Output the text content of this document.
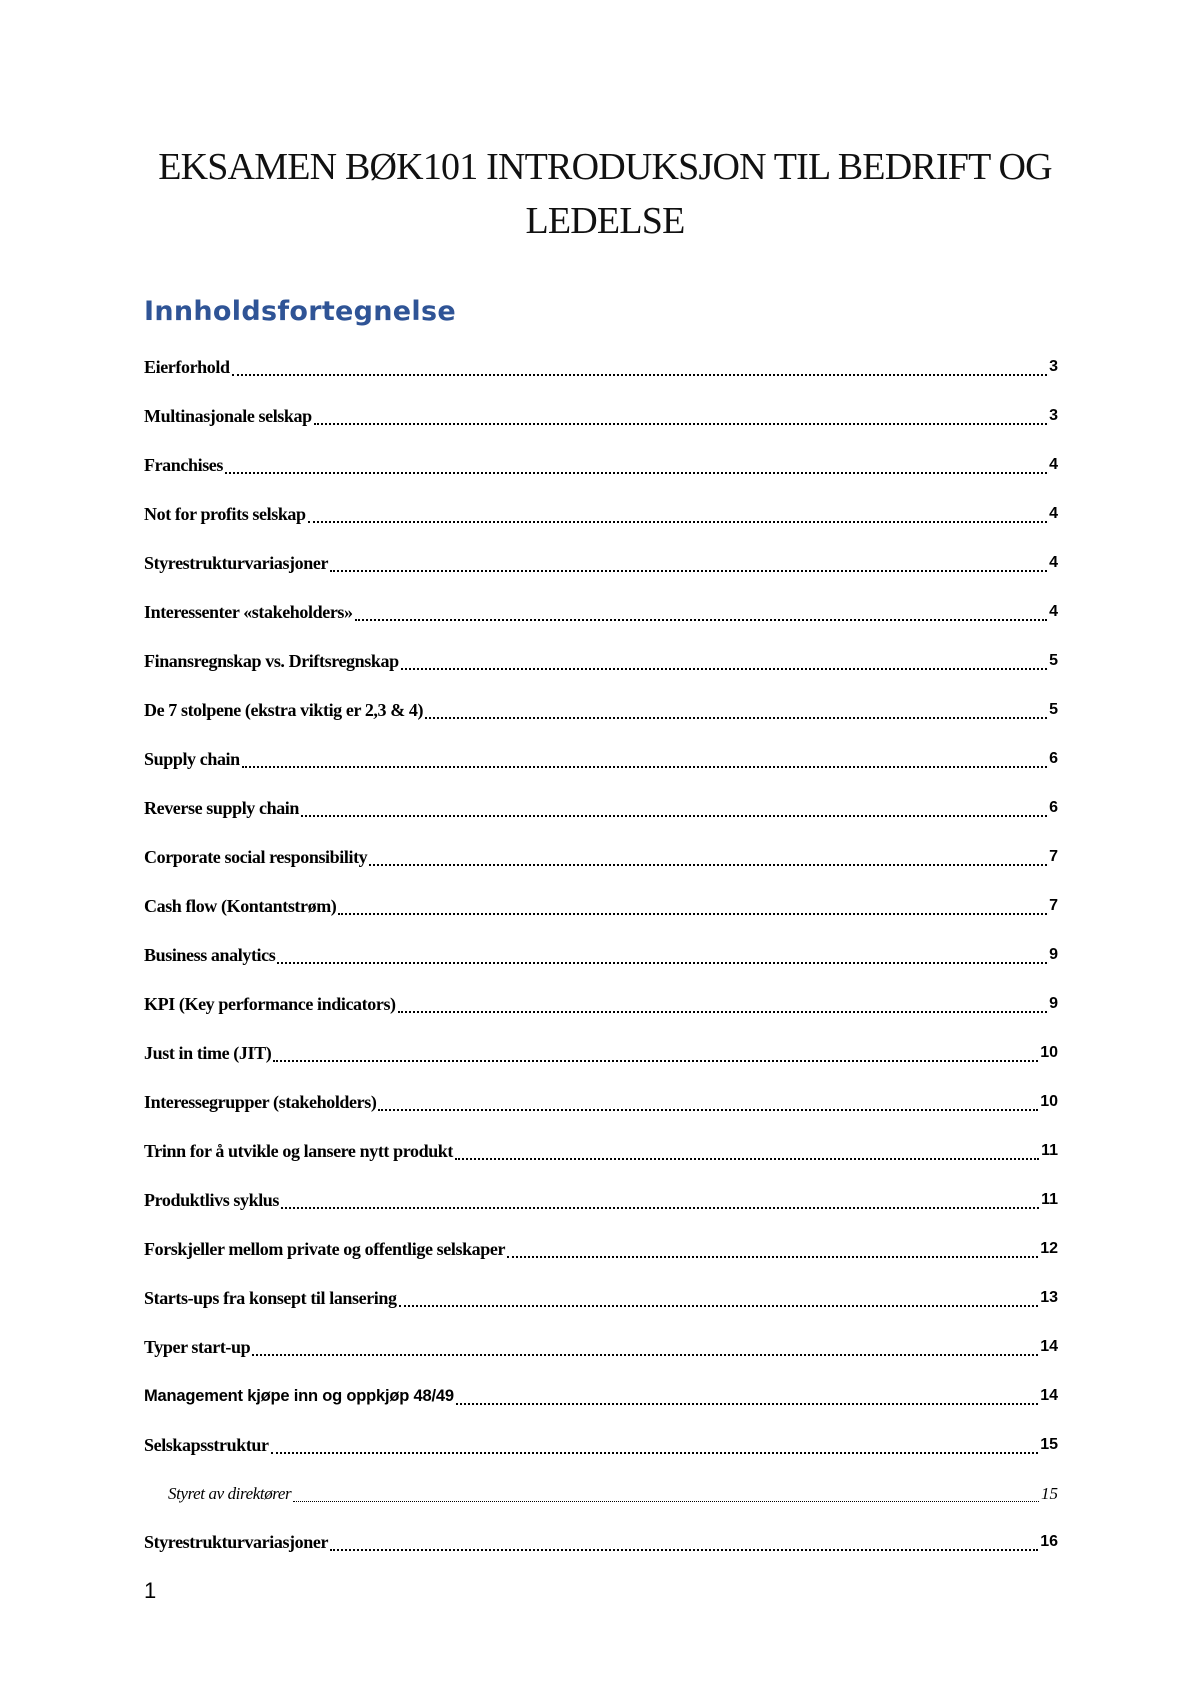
EKSAMEN BØK101 INTRODUKSJON TIL BEDRIFT OG LEDELSE
Innholdsfortegnelse
Eierforhold	3
Multinasjonale selskap	3
Franchises	4
Not for profits selskap	4
Styrestrukturvariasjoner	4
Interessenter «stakeholders»	4
Finansregnskap vs. Driftsregnskap	5
De 7 stolpene (ekstra viktig er 2,3 & 4)	5
Supply chain	6
Reverse supply chain	6
Corporate social responsibility	7
Cash flow (Kontantstrøm)	7
Business analytics	9
KPI (Key performance indicators)	9
Just in time (JIT)	10
Interessegrupper (stakeholders)	10
Trinn for å utvikle og lansere nytt produkt	11
Produktlivs syklus	11
Forskjeller mellom private og offentlige selskaper	12
Starts-ups fra konsept til lansering	13
Typer start-up	14
Management kjøpe inn og oppkjøp 48/49	14
Selskapsstruktur	15
Styret av direktører	15
Styrestrukturvariasjoner	16
1
